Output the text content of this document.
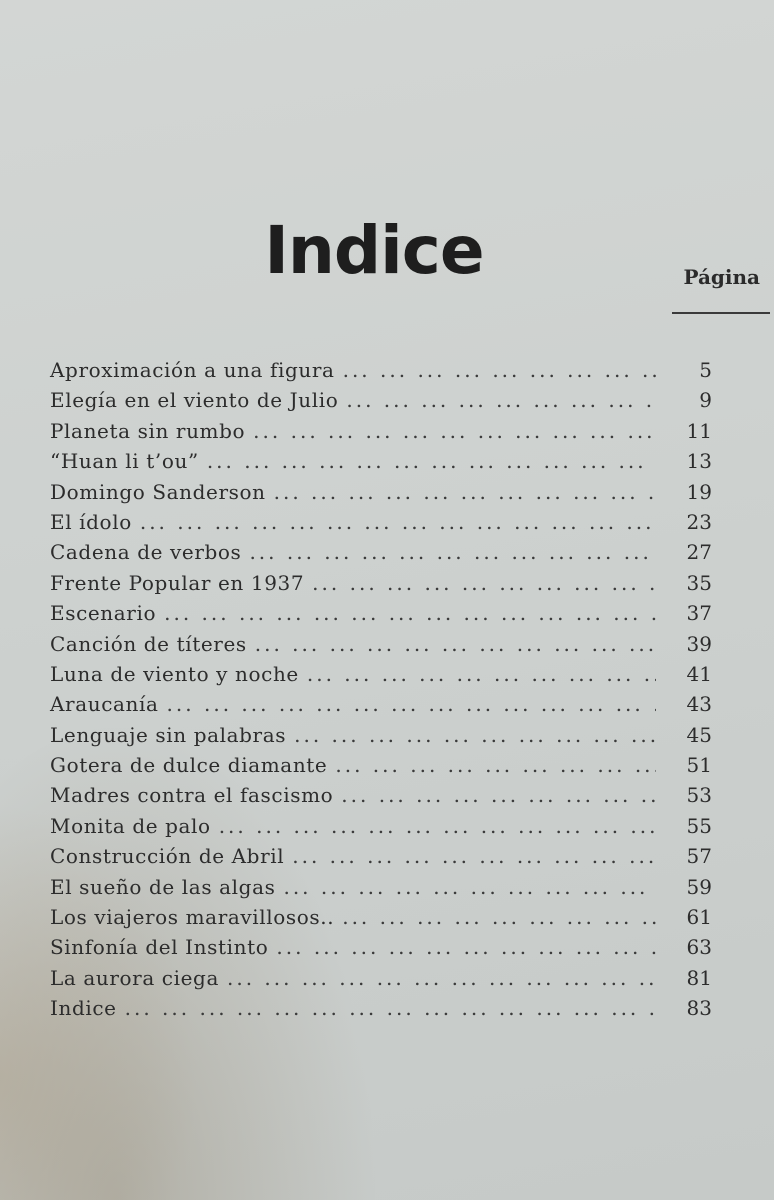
Indice	Página
Aproximación a una figura ... .	5
Elegía en el viento de Julio ... .	9
Planeta sin rumbo ... .	11
“Huan li t’ou” ... .	13
Domingo Sanderson ... .	19
El ídolo ... .	23
Cadena de verbos ... .	27
Frente Popular en 1937 ... .	35
Escenario ... .	37
Canción de títeres ... .	39
Luna de viento y noche ... .	41
Araucanía ... .	43
Lenguaje sin palabras ... .	45
Gotera de dulce diamante ... .	51
Madres contra el fascismo ... .	53
Monita de palo ... .	55
Construcción de Abril ... .	57
El sueño de las algas ... .	59
Los viajeros maravillosos.. ... .	61
Sinfonía del Instinto ... .	63
La aurora ciega ... .	81
Indice ... .	83
